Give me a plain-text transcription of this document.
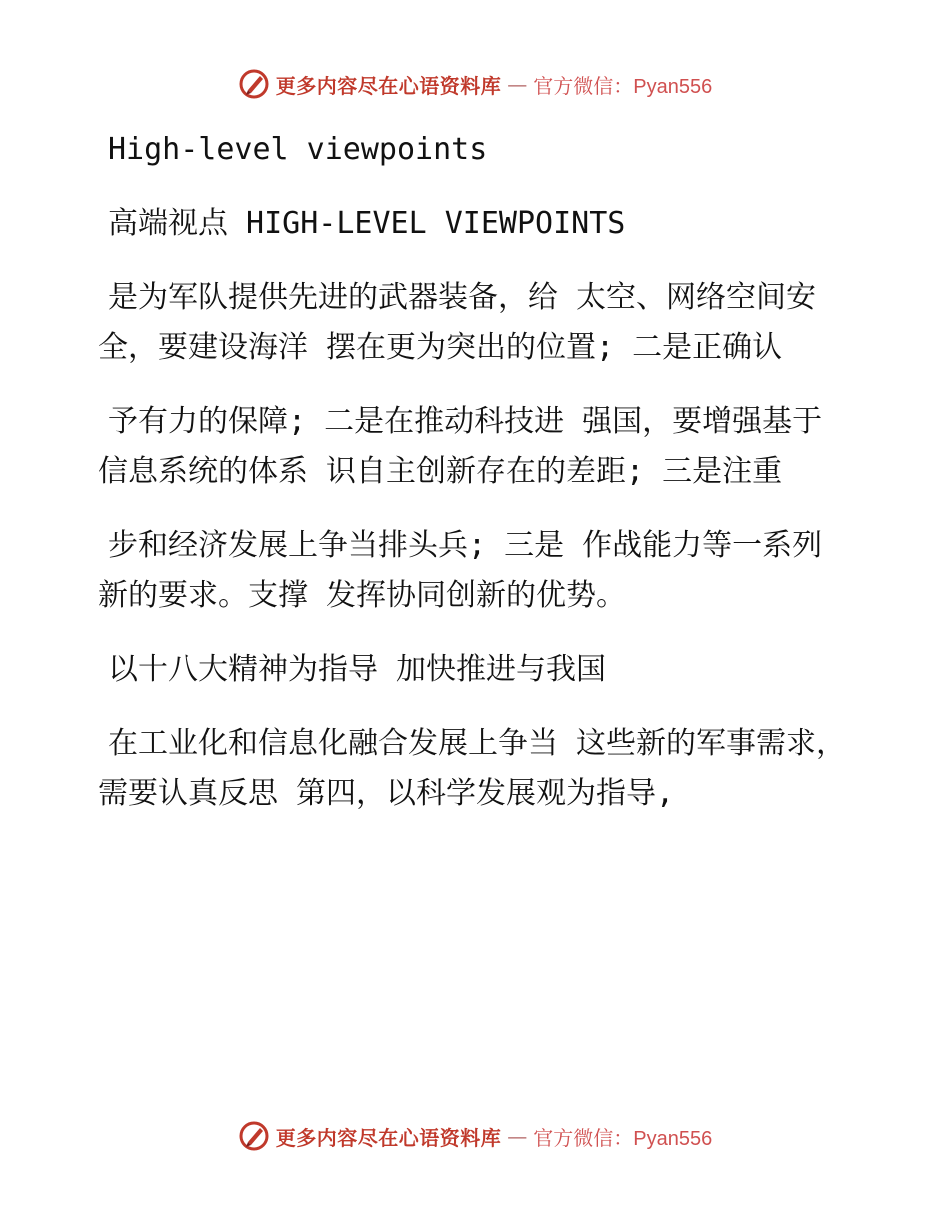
更多内容尽在心语资料库 — 官方微信：Pyan556

High-level viewpoints

高端视点 HIGH-LEVEL VIEWPOINTS

是为军队提供先进的武器装备，给 太空、网络空间安全，要建设海洋 摆在更为突出的位置; 二是正确认

予有力的保障; 二是在推动科技进 强国，要增强基于信息系统的体系 识自主创新存在的差距; 三是注重

步和经济发展上争当排头兵; 三是 作战能力等一系列新的要求。支撑 发挥协同创新的优势。

以十八大精神为指导 加快推进与我国

在工业化和信息化融合发展上争当 这些新的军事需求，需要认真反思 第四，以科学发展观为指导,

更多内容尽在心语资料库 — 官方微信：Pyan556
